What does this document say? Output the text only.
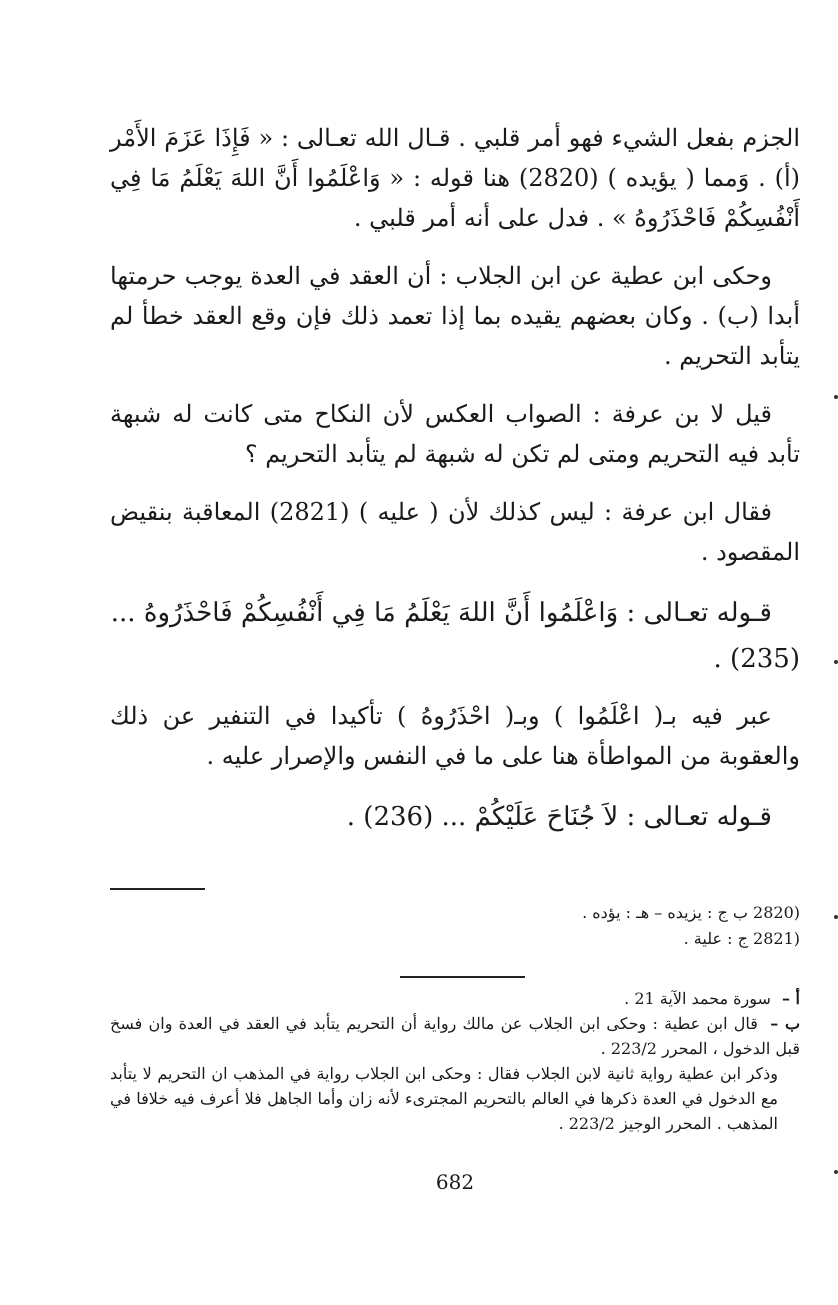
الجزم بفعل الشيء فهو أمر قلبي . قـال الله تعـالى : « فَإِذَا عَزَمَ الأَمْر (أ) . وَمما ( يؤيده ) (2820) هنا قوله : « وَاعْلَمُوا أَنَّ اللهَ يَعْلَمُ مَا فِي أَنْفُسِكُمْ فَاحْذَرُوهُ » . فدل على أنه أمر قلبي .

وحكى ابن عطية عن ابن الجلاب : أن العقد في العدة يوجب حرمتها أبدا (ب) . وكان بعضهم يقيده بما إذا تعمد ذلك فإن وقع العقد خطأ لم يتأبد التحريم .

قيل لا بن عرفة : الصواب العكس لأن النكاح متى كانت له شبهة تأبد فيه التحريم ومتى لم تكن له شبهة لم يتأبد التحريم ؟

فقال ابن عرفة : ليس كذلك لأن ( عليه ) (2821) المعاقبة بنقيض المقصود .

قـوله تعـالى : وَاعْلَمُوا أَنَّ اللهَ يَعْلَمُ مَا فِي أَنْفُسِكُمْ فَاحْذَرُوهُ ... (235) .

عبر فيه بـ( اعْلَمُوا ) وبـ( احْذَرُوهُ ) تأكيدا في التنفير عن ذلك والعقوبة من المواطأة هنا على ما في النفس والإصرار عليه .

قـوله تعـالى : لاَ جُنَاحَ عَلَيْكُمْ ... (236) .

(2820 ب ج : يزيده – هـ : يؤده .

(2821 ج : علية .

أ – سورة محمد الآية 21 .

ب – قال ابن عطية : وحكى ابن الجلاب عن مالك رواية أن التحريم يتأبد في العقد في العدة وان فسخ قبل الدخول ، المحرر 223/2 .

وذكر ابن عطية رواية ثانية لابن الجلاب فقال : وحكى ابن الجلاب رواية في المذهب ان التحريم لا يتأبد مع الدخول في العدة ذكرها في العالم بالتحريم المجترىء لأنه زان وأما الجاهل فلا أعرف فيه خلافا في المذهب . المحرر الوجيز 223/2 .

682
